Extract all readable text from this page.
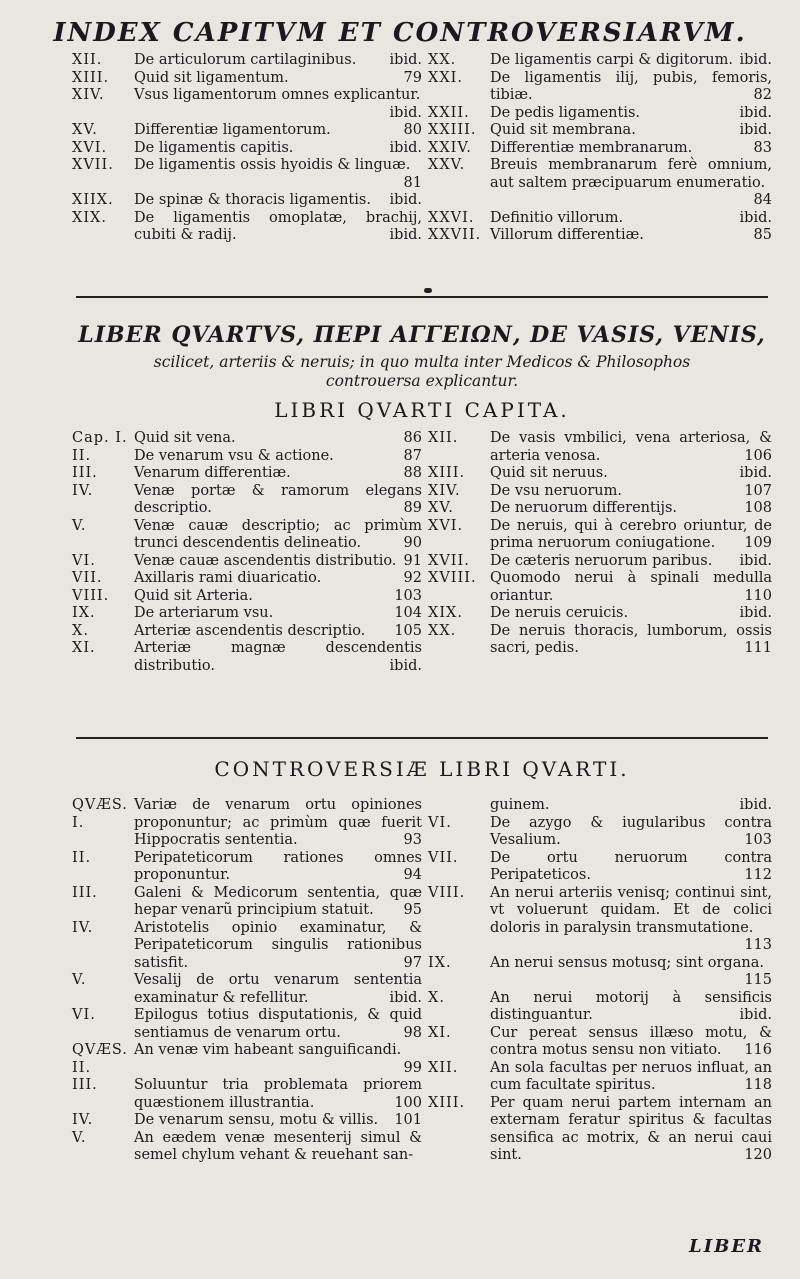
INDEX CAPITVM ET CONTROVERSIARVM.
XII.	De articulorum cartilaginibus. ibid.
XIII.	Quid sit ligamentum.	79
XIV.	Vsus ligamentorum omnes explicantur.
ibid.
XV.	Differentiæ ligamentorum.	80
XVI.	De ligamentis capitis.	ibid.
XVII.	De ligamentis ossis hyoidis & linguæ.
81
XIIX.	De spinæ & thoracis ligamentis. ibid.
XIX.	De ligamentis omoplatæ, brachij, cubiti & radij.	ibid.
XX.	De ligamentis carpi & digitorum. ibid.
XXI.	De ligamentis ilij, pubis, femoris, tibiæ.	82
XXII.	De pedis ligamentis.	ibid.
XXIII. Quid sit membrana.	ibid.
XXIV.	Differentiæ membranarum.	83
XXV.	Breuis membranarum ferè omnium, aut saltem præcipuarum enumeratio.
84
XXVI.	Definitio villorum.	ibid.
XXVII. Villorum differentiæ.	85
LIBER QVARTVS, ΠΕΡΙ ΑΓΓΕΙΩΝ, DE VASIS, VENIS,
scilicet, arteriis & neruis; in quo multa inter Medicos & Philosophos
controuersa explicantur.
LIBRI QVARTI CAPITA.
Cap. I. Quid sit vena.	86
II.	De venarum vsu & actione.	87
III.	Venarum differentiæ.	88
IV.	Venæ portæ & ramorum elegans descriptio.	89
V.	Venæ cauæ descriptio; ac primùm trunci descendentis delineatio.	90
VI.	Venæ cauæ ascendentis distributio. 91
VII.	Axillaris rami diuaricatio.	92
VIII.	Quid sit Arteria.	103
IX.	De arteriarum vsu.	104
X.	Arteriæ ascendentis descriptio. 105
XI.	Arteriæ magnæ descendentis distributio.	ibid.
XII.	De vasis vmbilici, vena arteriosa, & arteria venosa.	106
XIII.	Quid sit neruus.	ibid.
XIV.	De vsu neruorum.	107
XV.	De neruorum differentijs.	108
XVI.	De neruis, qui à cerebro oriuntur, de prima neruorum coniugatione. 109
XVII.	De cæteris neruorum paribus. ibid.
XVIII. Quomodo nerui à spinali medulla oriantur.	110
XIX.	De neruis ceruicis.	ibid.
XX.	De neruis thoracis, lumborum, ossis sacri, pedis.	111
CONTROVERSIÆ LIBRI QVARTI.
QVÆS. I.
Variæ de venarum ortu opiniones proponuntur; ac primùm quæ fuerit Hippocratis sententia.	93
II.	Peripateticorum rationes omnes proponuntur.	94
III.	Galeni & Medicorum sententia, quæ hepar venarũ principium statuit. 95
IV.	Aristotelis opinio examinatur, & Peripateticorum singulis rationibus satisfit.	97
V.	Vesalij de ortu venarum sententia examinatur & refellitur.	ibid.
VI.	Epilogus totius disputationis, & quid sentiamus de venarum ortu.	98
QVÆS. II.
An venæ vim habeant sanguificandi.
99
III.	Soluuntur tria problemata priorem quæstionem illustrantia.	100
IV.	De venarum sensu, motu & villis. 101
V.	An eædem venæ mesenterij simul & semel chylum vehant & reuehant san-
guinem.	ibid.
VI.	De azygo & iugularibus contra Vesalium.	103
VII.	De ortu neruorum contra Peripateticos.	112
VIII.	An nerui arteriis venisq; continui sint, vt voluerunt quidam. Et de colici doloris in paralysin transmutatione.
113
IX.	An nerui sensus motusq; sint organa.
115
X.	An nerui motorij à sensificis distinguantur.	ibid.
XI.	Cur pereat sensus illæso motu, & contra motus sensu non vitiato. 116
XII.	An sola facultas per neruos influat, an cum facultate spiritus.	118
XIII.	Per quam nerui partem internam an externam feratur spiritus & facultas sensifica ac motrix, & an nerui caui sint.	120
LIBER
